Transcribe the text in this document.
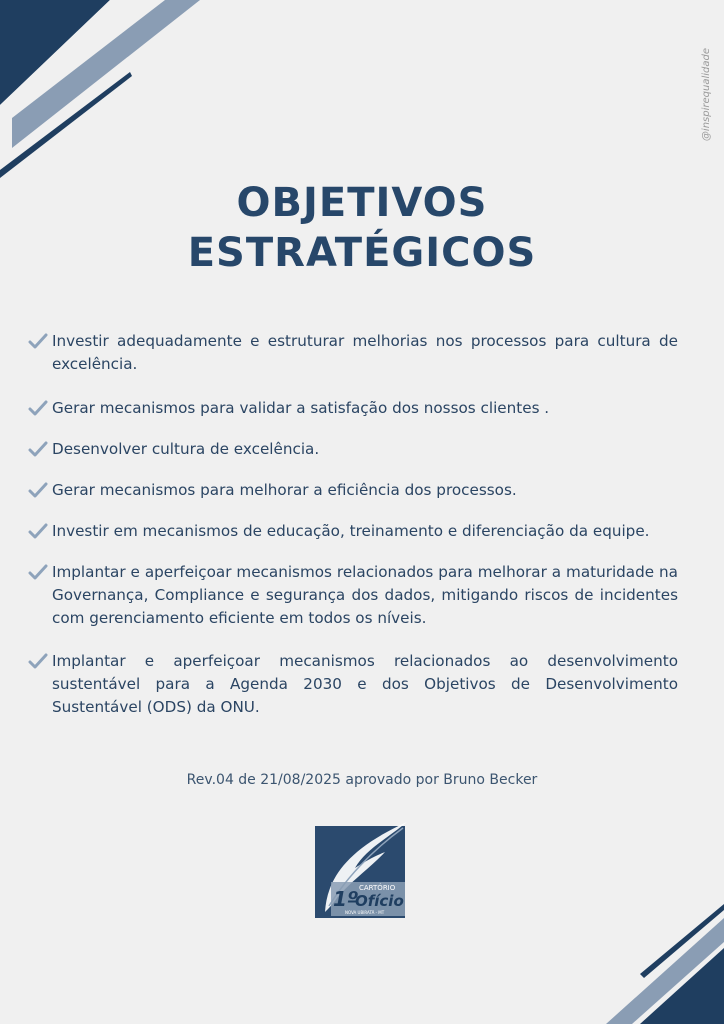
@inspirequalidade
OBJETIVOS
ESTRATÉGICOS
Investir adequadamente e estruturar melhorias nos processos para cultura de excelência.
Gerar mecanismos para validar a satisfação dos nossos clientes .
Desenvolver cultura de excelência.
Gerar mecanismos para melhorar a eficiência dos processos.
Investir em mecanismos de educação, treinamento e diferenciação da equipe.
Implantar e aperfeiçoar mecanismos relacionados para melhorar a maturidade na Governança, Compliance e segurança dos dados, mitigando riscos de incidentes com gerenciamento eficiente em todos os níveis.
Implantar e aperfeiçoar mecanismos relacionados ao desenvolvimento sustentável para a Agenda 2030 e dos Objetivos de Desenvolvimento Sustentável (ODS) da ONU.
Rev.04 de 21/08/2025 aprovado por Bruno Becker
1º CARTÓRIO
Ofício
NOVA UBIRATÃ - MT
